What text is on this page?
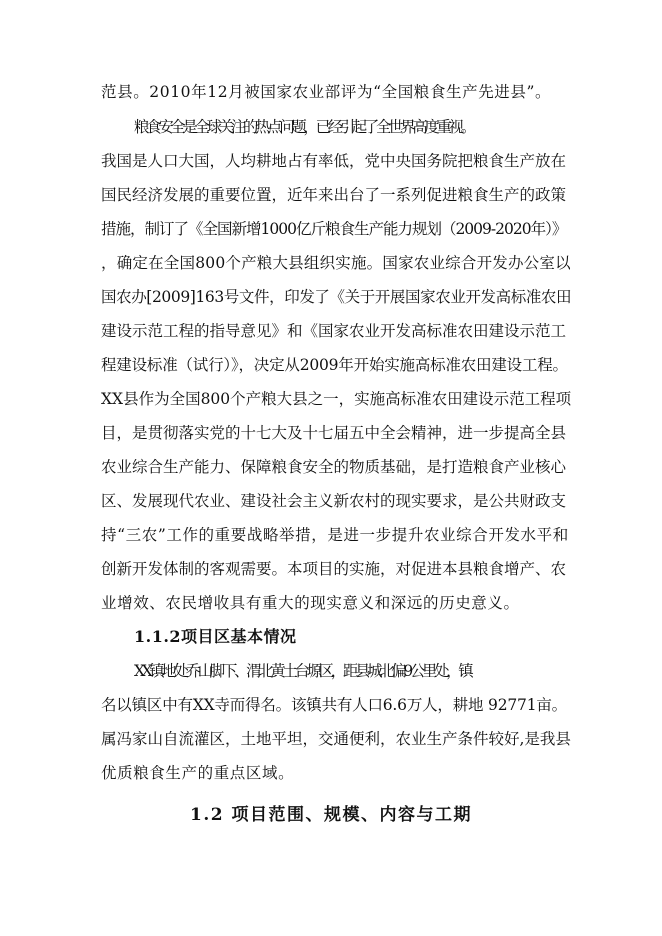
范县。2010年12月被国家农业部评为“全国粮食生产先进县”。
粮食安全是全球关注的热点问题，已经引起了全世界高度重视。
我国是人口大国，人均耕地占有率低，党中央国务院把粮食生产放在
国民经济发展的重要位置，近年来出台了一系列促进粮食生产的政策
措施，制订了《全国新增1000亿斤粮食生产能力规划（2009-2020年）》
，确定在全国800个产粮大县组织实施。国家农业综合开发办公室以
国农办[2009]163号文件，印发了《关于开展国家农业开发高标准农田
建设示范工程的指导意见》和《国家农业开发高标准农田建设示范工
程建设标准（试行）》，决定从2009年开始实施高标准农田建设工程。
XX县作为全国800个产粮大县之一，实施高标准农田建设示范工程项
目，是贯彻落实党的十七大及十七届五中全会精神，进一步提高全县
农业综合生产能力、保障粮食安全的物质基础，是打造粮食产业核心
区、发展现代农业、建设社会主义新农村的现实要求，是公共财政支
持“三农”工作的重要战略举措，是进一步提升农业综合开发水平和
创新开发体制的客观需要。本项目的实施，对促进本县粮食增产、农
业增效、农民增收具有重大的现实意义和深远的历史意义。
1.1.2项目区基本情况
XX镇地处乔山脚下、渭北黄土台塬区，距县城北偏9公里处，镇
名以镇区中有XX寺而得名。该镇共有人口6.6万人，耕地 92771亩。
属冯家山自流灌区，土地平坦，交通便利，农业生产条件较好,是我县
优质粮食生产的重点区域。
1.2 项目范围、规模、内容与工期
